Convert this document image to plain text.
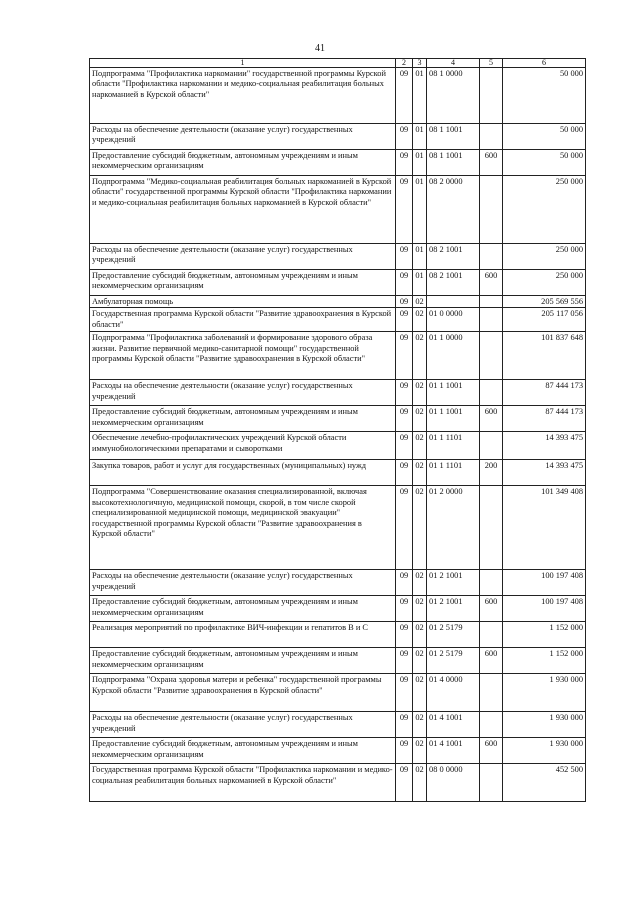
41
1	2	3	4	5	6
Подпрограмма "Профилактика наркомании" государственной программы Курской области "Профилактика наркомании и медико-социальная реабилитация больных наркоманией в Курской области"	09	01	08 1 0000		50 000
Расходы на обеспечение деятельности (оказание услуг) государственных учреждений	09	01	08 1 1001		50 000
Предоставление субсидий бюджетным, автономным учреждениям и иным некоммерческим организациям	09	01	08 1 1001	600	50 000
Подпрограмма "Медико-социальная реабилитация больных наркоманией в Курской области" государственной программы Курской области "Профилактика наркомании и медико-социальная реабилитация больных наркоманией в Курской области"	09	01	08 2 0000		250 000
Расходы на обеспечение деятельности (оказание услуг) государственных учреждений	09	01	08 2 1001		250 000
Предоставление субсидий бюджетным, автономным учреждениям и иным некоммерческим организациям	09	01	08 2 1001	600	250 000
Амбулаторная помощь	09	02			205 569 556
Государственная программа Курской области "Развитие здравоохранения в Курской области"	09	02	01 0 0000		205 117 056
Подпрограмма "Профилактика заболеваний и формирование здорового образа жизни. Развитие первичной медико-санитарной помощи" государственной программы Курской области "Развитие здравоохранения в Курской области"	09	02	01 1 0000		101 837 648
Расходы на обеспечение деятельности (оказание услуг) государственных учреждений	09	02	01 1 1001		87 444 173
Предоставление субсидий бюджетным, автономным учреждениям и иным некоммерческим организациям	09	02	01 1 1001	600	87 444 173
Обеспечение лечебно-профилактических учреждений Курской области иммунобиологическими препаратами и сыворотками	09	02	01 1 1101		14 393 475
Закупка товаров, работ и услуг для государственных (муниципальных) нужд	09	02	01 1 1101	200	14 393 475
Подпрограмма "Совершенствование оказания специализированной, включая высокотехнологичную, медицинской помощи, скорой, в том числе скорой специализированной медицинской помощи, медицинской эвакуации" государственной программы Курской области "Развитие здравоохранения в Курской области"	09	02	01 2 0000		101 349 408
Расходы на обеспечение деятельности (оказание услуг) государственных учреждений	09	02	01 2 1001		100 197 408
Предоставление субсидий бюджетным, автономным учреждениям и иным некоммерческим организациям	09	02	01 2 1001	600	100 197 408
Реализация мероприятий по профилактике ВИЧ-инфекции и гепатитов В и С	09	02	01 2 5179		1 152 000
Предоставление субсидий бюджетным, автономным учреждениям и иным некоммерческим организациям	09	02	01 2 5179	600	1 152 000
Подпрограмма "Охрана здоровья матери и ребенка" государственной программы Курской области "Развитие здравоохранения в Курской области"	09	02	01 4 0000		1 930 000
Расходы на обеспечение деятельности (оказание услуг) государственных учреждений	09	02	01 4 1001		1 930 000
Предоставление субсидий бюджетным, автономным учреждениям и иным некоммерческим организациям	09	02	01 4 1001	600	1 930 000
Государственная программа Курской области "Профилактика наркомании и медико-социальная реабилитация больных наркоманией в Курской области"	09	02	08 0 0000		452 500
